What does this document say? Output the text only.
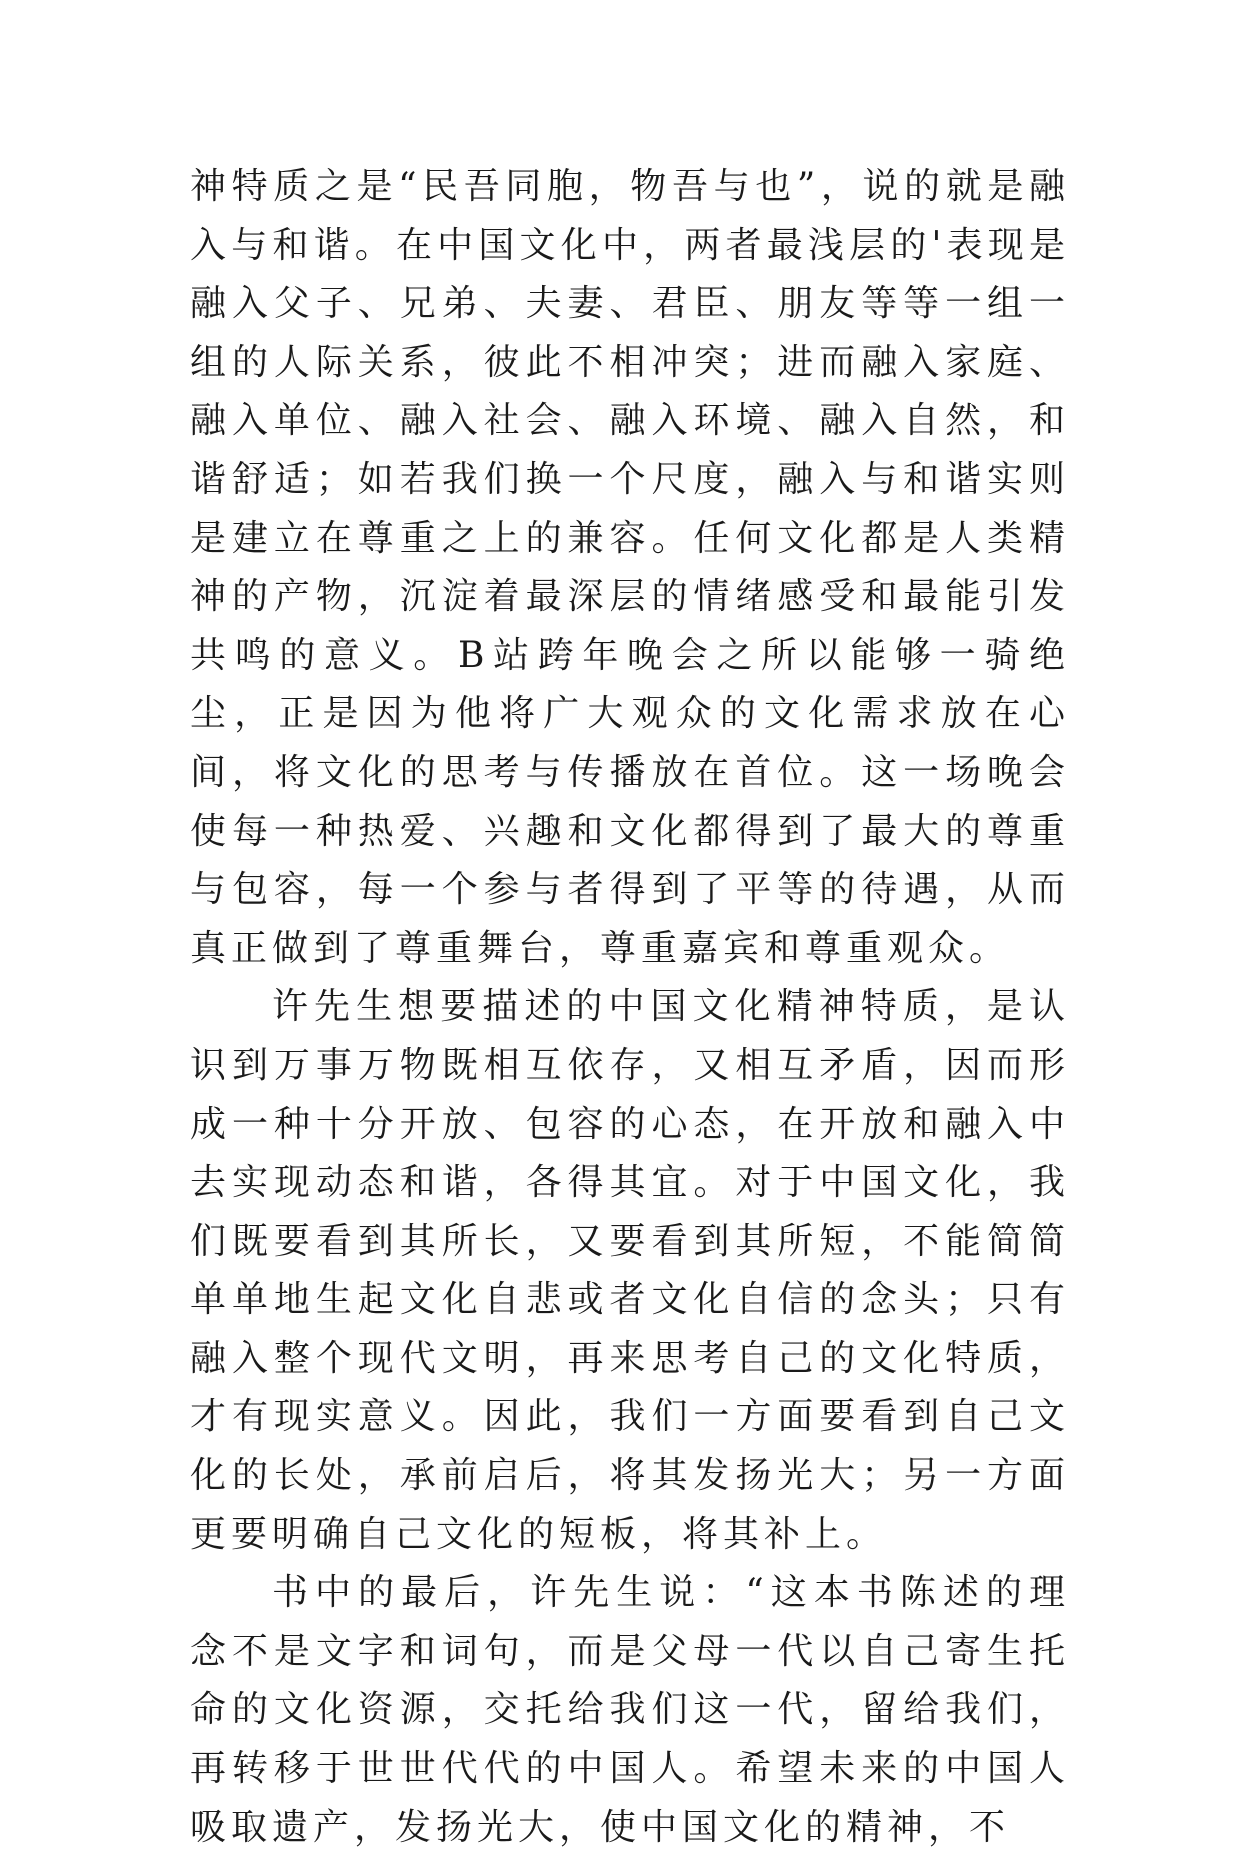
神特质之是“民吾同胞，物吾与也”，说的就是融入与和谐。在中国文化中，两者最浅层的'表现是融入父子、兄弟、夫妻、君臣、朋友等等一组一组的人际关系，彼此不相冲突；进而融入家庭、融入单位、融入社会、融入环境、融入自然，和谐舒适；如若我们换一个尺度，融入与和谐实则是建立在尊重之上的兼容。任何文化都是人类精神的产物，沉淀着最深层的情绪感受和最能引发共鸣的意义。B站跨年晚会之所以能够一骑绝尘，正是因为他将广大观众的文化需求放在心间，将文化的思考与传播放在首位。这一场晚会使每一种热爱、兴趣和文化都得到了最大的尊重与包容，每一个参与者得到了平等的待遇，从而真正做到了尊重舞台，尊重嘉宾和尊重观众。

许先生想要描述的中国文化精神特质，是认识到万事万物既相互依存，又相互矛盾，因而形成一种十分开放、包容的心态，在开放和融入中去实现动态和谐，各得其宜。对于中国文化，我们既要看到其所长，又要看到其所短，不能简简单单地生起文化自悲或者文化自信的念头；只有融入整个现代文明，再来思考自己的文化特质，才有现实意义。因此，我们一方面要看到自己文化的长处，承前启后，将其发扬光大；另一方面更要明确自己文化的短板，将其补上。

书中的最后，许先生说：“这本书陈述的理念不是文字和词句，而是父母一代以自己寄生托命的文化资源，交托给我们这一代，留给我们，再转移于世世代代的中国人。希望未来的中国人吸取遗产，发扬光大，使中国文化的精神，不
